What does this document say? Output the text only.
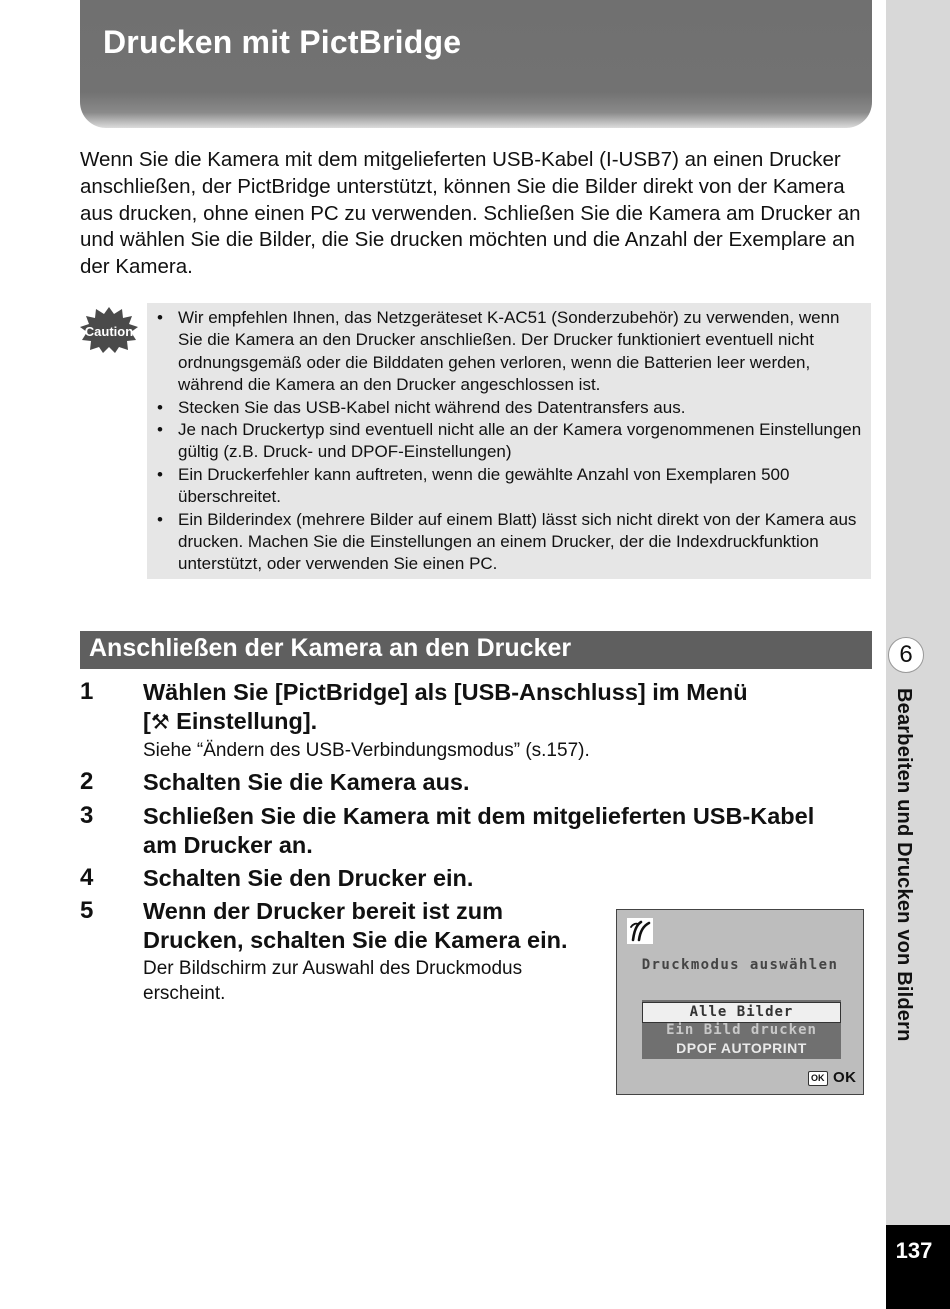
6
Bearbeiten und Drucken von Bildern
137
Drucken mit PictBridge
Wenn Sie die Kamera mit dem mitgelieferten USB-Kabel (I-USB7) an einen Drucker anschließen, der PictBridge unterstützt, können Sie die Bilder direkt von der Kamera aus drucken, ohne einen PC zu verwenden. Schließen Sie die Kamera am Drucker an und wählen Sie die Bilder, die Sie drucken möchten und die Anzahl der Exemplare an der Kamera.
Caution
• Wir empfehlen Ihnen, das Netzgeräteset K-AC51 (Sonderzubehör) zu verwenden, wenn Sie die Kamera an den Drucker anschließen. Der Drucker funktioniert eventuell nicht ordnungsgemäß oder die Bilddaten gehen verloren, wenn die Batterien leer werden, während die Kamera an den Drucker angeschlossen ist.
• Stecken Sie das USB-Kabel nicht während des Datentransfers aus.
• Je nach Druckertyp sind eventuell nicht alle an der Kamera vorgenommenen Einstellungen gültig (z.B. Druck- und DPOF-Einstellungen)
• Ein Druckerfehler kann auftreten, wenn die gewählte Anzahl von Exemplaren 500 überschreitet.
• Ein Bilderindex (mehrere Bilder auf einem Blatt) lässt sich nicht direkt von der Kamera aus drucken. Machen Sie die Einstellungen an einem Drucker, der die Indexdruckfunktion unterstützt, oder verwenden Sie einen PC.
Anschließen der Kamera an den Drucker
1 Wählen Sie [PictBridge] als [USB-Anschluss] im Menü
[⚒ Einstellung].
Siehe “Ändern des USB-Verbindungsmodus” (s.157).
2 Schalten Sie die Kamera aus.
3 Schließen Sie die Kamera mit dem mitgelieferten USB-Kabel
am Drucker an.
4 Schalten Sie den Drucker ein.
5 Wenn der Drucker bereit ist zum
Drucken, schalten Sie die Kamera ein.
Der Bildschirm zur Auswahl des Druckmodus
erscheint.
Druckmodus auswählen
Alle Bilder
Ein Bild drucken
DPOF AUTOPRINT
OK OK
